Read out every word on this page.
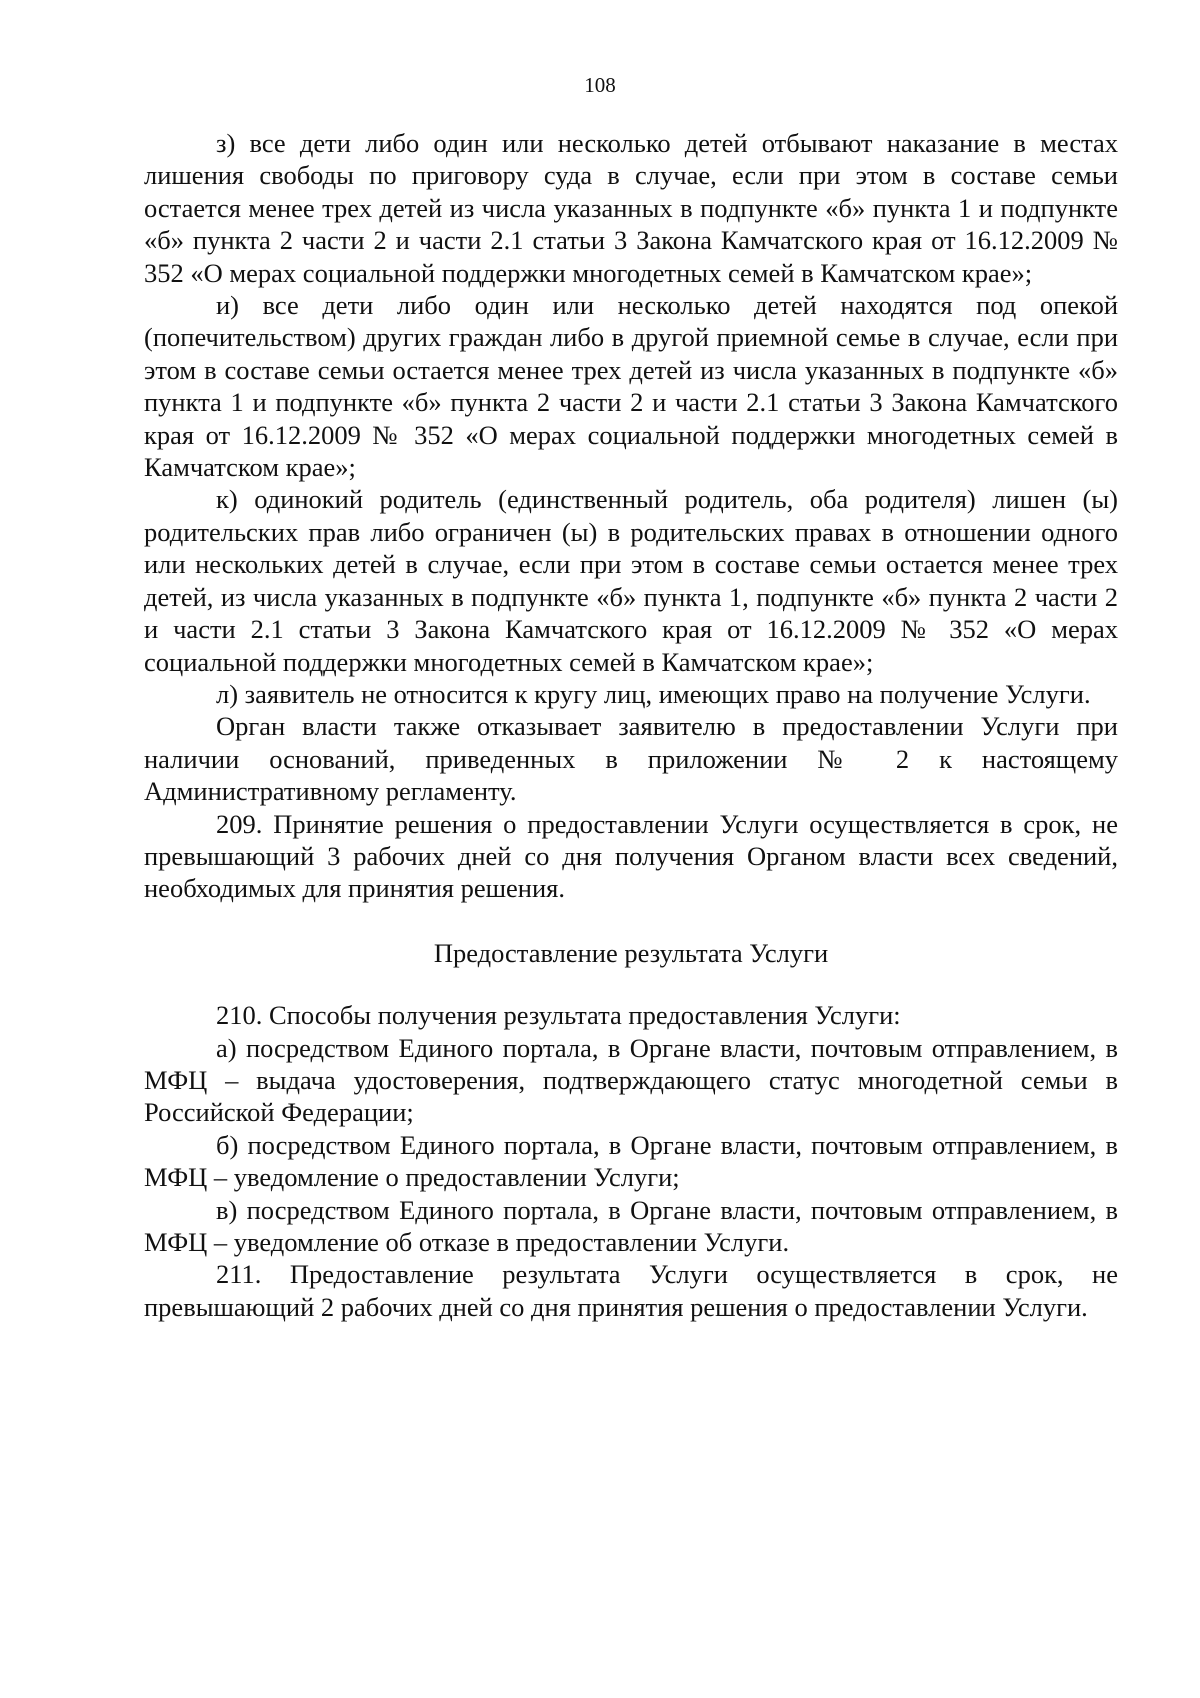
108

з) все дети либо один или несколько детей отбывают наказание в местах лишения свободы по приговору суда в случае, если при этом в составе семьи остается менее трех детей из числа указанных в подпункте «б» пункта 1 и подпункте «б» пункта 2 части 2 и части 2.1 статьи 3 Закона Камчатского края от 16.12.2009 № 352 «О мерах социальной поддержки многодетных семей в Камчатском крае»;

и) все дети либо один или несколько детей находятся под опекой (попечительством) других граждан либо в другой приемной семье в случае, если при этом в составе семьи остается менее трех детей из числа указанных в подпункте «б» пункта 1 и подпункте «б» пункта 2 части 2 и части 2.1 статьи 3 Закона Камчатского края от 16.12.2009 № 352 «О мерах социальной поддержки многодетных семей в Камчатском крае»;

к) одинокий родитель (единственный родитель, оба родителя) лишен (ы) родительских прав либо ограничен (ы) в родительских правах в отношении одного или нескольких детей в случае, если при этом в составе семьи остается менее трех детей, из числа указанных в подпункте «б» пункта 1, подпункте «б» пункта 2 части 2 и части 2.1 статьи 3 Закона Камчатского края от 16.12.2009 № 352 «О мерах социальной поддержки многодетных семей в Камчатском крае»;

л) заявитель не относится к кругу лиц, имеющих право на получение Услуги.

Орган власти также отказывает заявителю в предоставлении Услуги при наличии оснований, приведенных в приложении № 2 к настоящему Административному регламенту.

209. Принятие решения о предоставлении Услуги осуществляется в срок, не превышающий 3 рабочих дней со дня получения Органом власти всех сведений, необходимых для принятия решения.

Предоставление результата Услуги

210. Способы получения результата предоставления Услуги:

а) посредством Единого портала, в Органе власти, почтовым отправлением, в МФЦ – выдача удостоверения, подтверждающего статус многодетной семьи в Российской Федерации;

б) посредством Единого портала, в Органе власти, почтовым отправлением, в МФЦ – уведомление о предоставлении Услуги;

в) посредством Единого портала, в Органе власти, почтовым отправлением, в МФЦ – уведомление об отказе в предоставлении Услуги.

211. Предоставление результата Услуги осуществляется в срок, не превышающий 2 рабочих дней со дня принятия решения о предоставлении Услуги.
